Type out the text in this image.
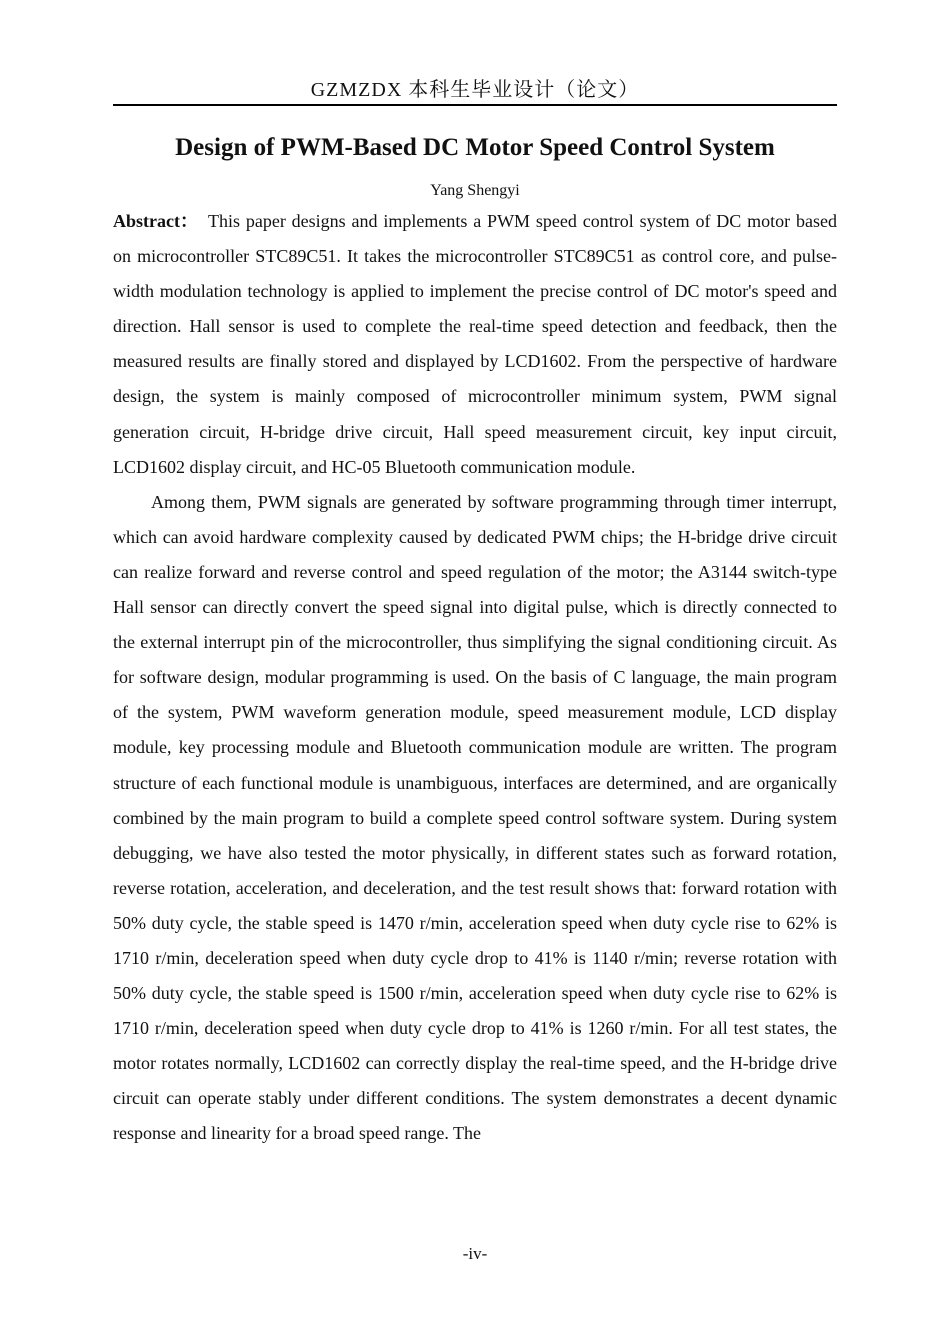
GZMZDX 本科生毕业设计（论文）
Design of PWM-Based DC Motor Speed Control System
Yang Shengyi

Abstract： This paper designs and implements a PWM speed control system of DC motor based on microcontroller STC89C51. It takes the microcontroller STC89C51 as control core, and pulse-width modulation technology is applied to implement the precise control of DC motor's speed and direction. Hall sensor is used to complete the real-time speed detection and feedback, then the measured results are finally stored and displayed by LCD1602. From the perspective of hardware design, the system is mainly composed of microcontroller minimum system, PWM signal generation circuit, H-bridge drive circuit, Hall speed measurement circuit, key input circuit, LCD1602 display circuit, and HC-05 Bluetooth communication module.

Among them, PWM signals are generated by software programming through timer interrupt, which can avoid hardware complexity caused by dedicated PWM chips; the H-bridge drive circuit can realize forward and reverse control and speed regulation of the motor; the A3144 switch-type Hall sensor can directly convert the speed signal into digital pulse, which is directly connected to the external interrupt pin of the microcontroller, thus simplifying the signal conditioning circuit. As for software design, modular programming is used. On the basis of C language, the main program of the system, PWM waveform generation module, speed measurement module, LCD display module, key processing module and Bluetooth communication module are written. The program structure of each functional module is unambiguous, interfaces are determined, and are organically combined by the main program to build a complete speed control software system. During system debugging, we have also tested the motor physically, in different states such as forward rotation, reverse rotation, acceleration, and deceleration, and the test result shows that: forward rotation with 50% duty cycle, the stable speed is 1470 r/min, acceleration speed when duty cycle rise to 62% is 1710 r/min, deceleration speed when duty cycle drop to 41% is 1140 r/min; reverse rotation with 50% duty cycle, the stable speed is 1500 r/min, acceleration speed when duty cycle rise to 62% is 1710 r/min, deceleration speed when duty cycle drop to 41% is 1260 r/min. For all test states, the motor rotates normally, LCD1602 can correctly display the real-time speed, and the H-bridge drive circuit can operate stably under different conditions. The system demonstrates a decent dynamic response and linearity for a broad speed range. The

-iv-
